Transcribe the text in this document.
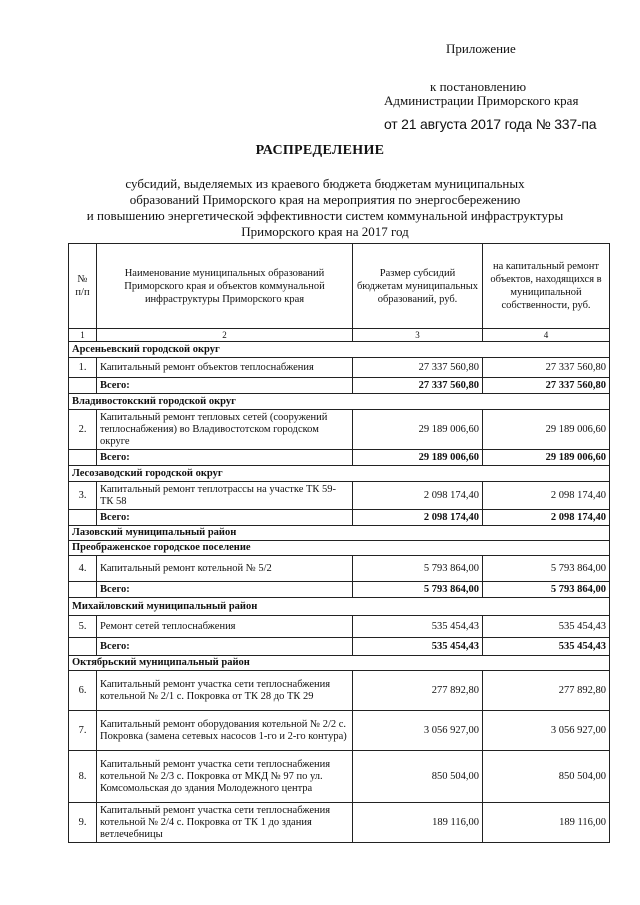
Приложение
к постановлению
Администрации Приморского края
от 21 августа 2017 года № 337-па
РАСПРЕДЕЛЕНИЕ
субсидий, выделяемых из краевого бюджета бюджетам муниципальных
образований Приморского края на мероприятия по энергосбережению
и повышению энергетической эффективности систем коммунальной инфраструктуры
Приморского края на 2017 год
№ п/п	Наименование муниципальных образований Приморского края и объектов коммунальной инфраструктуры Приморского края	Размер субсидий бюджетам муниципальных образований, руб.	на капитальный ремонт объектов, находящихся в муниципальной собственности, руб.
1	2	3	4
Арсеньевский городской округ			
1.	Капитальный ремонт объектов теплоснабжения	27 337 560,80	27 337 560,80
	Всего:	27 337 560,80	27 337 560,80
Владивостокский городской округ			
2.	Капитальный ремонт тепловых сетей (сооружений теплоснабжения) во Владивостотском городском округе	29 189 006,60	29 189 006,60
	Всего:	29 189 006,60	29 189 006,60
Лесозаводский городской округ			
3.	Капитальный ремонт теплотрассы на участке ТК 59-ТК 58	2 098 174,40	2 098 174,40
	Всего:	2 098 174,40	2 098 174,40
Лазовский муниципальный район			
Преображенское городское поселение			
4.	Капитальный ремонт котельной № 5/2	5 793 864,00	5 793 864,00
	Всего:	5 793 864,00	5 793 864,00
Михайловский муниципальный район			
5.	Ремонт сетей теплоснабжения	535 454,43	535 454,43
	Всего:	535 454,43	535 454,43
Октябрьский муниципальный район			
6.	Капитальный ремонт участка сети теплоснабжения котельной № 2/1 с. Покровка от ТК 28 до ТК 29	277 892,80	277 892,80
7.	Капитальный ремонт оборудования котельной № 2/2 с. Покровка (замена сетевых насосов 1-го и 2-го контура)	3 056 927,00	3 056 927,00
8.	Капитальный ремонт участка сети теплоснабжения котельной № 2/3 с. Покровка от МКД № 97 по ул. Комсомольская до здания Молодежного центра	850 504,00	850 504,00
9.	Капитальный ремонт участка сети теплоснабжения котельной № 2/4 с. Покровка от ТК 1 до здания ветлечебницы	189 116,00	189 116,00
